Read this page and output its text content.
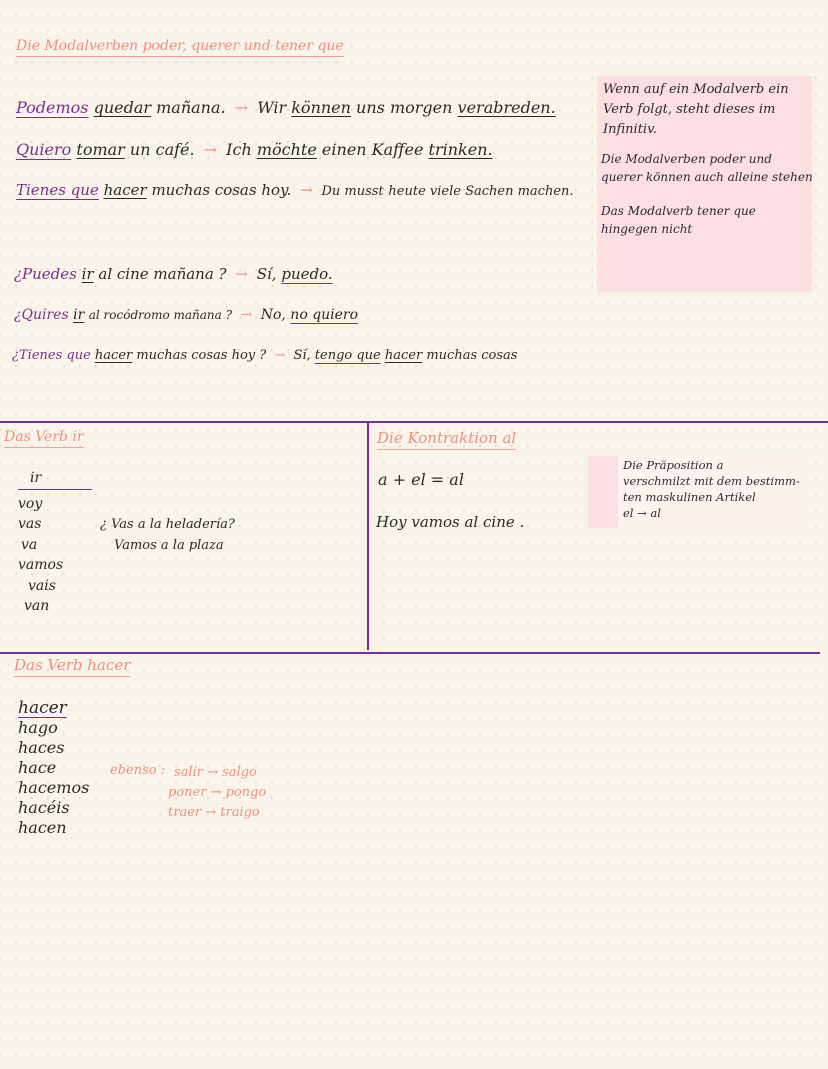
Die Modalverben poder, querer und tener que
Podemos quedar mañana. → Wir können uns morgen verabreden.
Quiero tomar un café. → Ich möchte einen Kaffee trinken.
Tienes que hacer muchas cosas hoy. → Du musst heute viele Sachen machen.
¿Puedes ir al cine mañana ? → Sí, puedo.
¿Quires ir al rocódromo mañana ? → No, no quiero
¿Tienes que hacer muchas cosas hoy ? → Sí, tengo que hacer muchas cosas
Wenn auf ein Modalverb ein
Verb folgt, steht dieses im
Infinitiv.
Die Modalverben poder und
querer können auch alleine stehen
Das Modalverb tener que
hingegen nicht
Das Verb ir
ir
voy
vas
va
vamos
vais
van
¿ Vas a la heladería?
Vamos a la plaza
Die Kontraktion al
a + el = al
Hoy vamos al cine .
Die Präposition a
verschmilzt mit dem bestimm-
ten maskulinen Artikel
el → al
Das Verb hacer
hacer
hago
haces
hace
hacemos
hacéis
hacen
ebenso : salir → salgo
poner → pongo
traer → traigo
